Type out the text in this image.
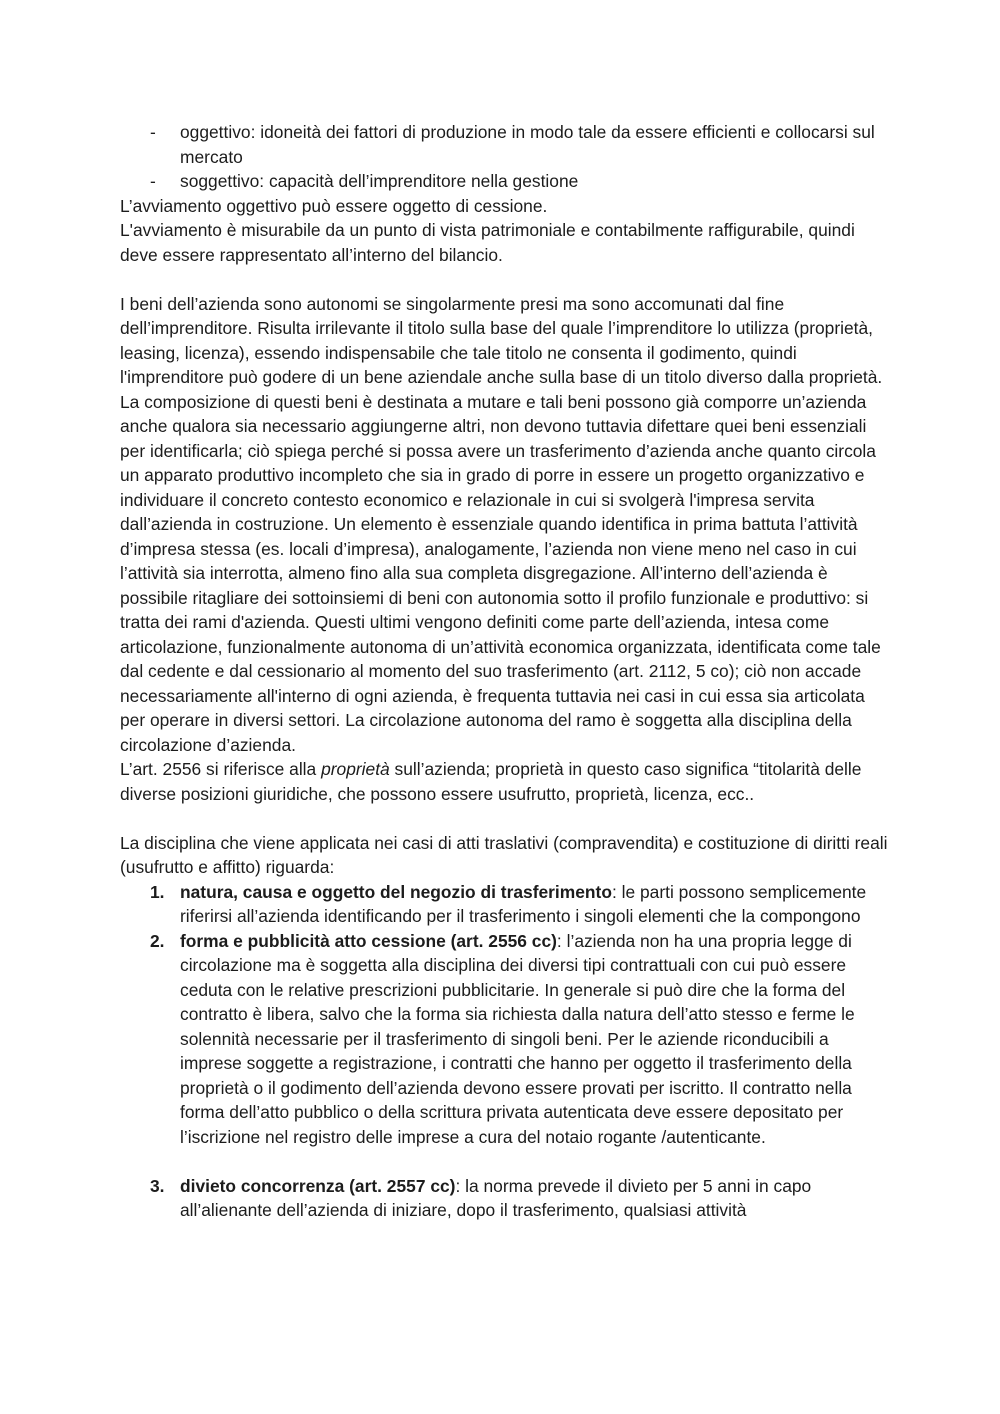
- oggettivo: idoneità dei fattori di produzione in modo tale da essere efficienti e collocarsi sul mercato
- soggettivo: capacità dell’imprenditore nella gestione

L’avviamento oggettivo può essere oggetto di cessione.

L'avviamento è misurabile da un punto di vista patrimoniale e contabilmente raffigurabile, quindi deve essere rappresentato all’interno del bilancio.

I beni dell’azienda sono autonomi se singolarmente presi ma sono accomunati dal fine dell’imprenditore. Risulta irrilevante il titolo sulla base del quale l’imprenditore lo utilizza (proprietà, leasing, licenza), essendo indispensabile che tale titolo ne consenta il godimento, quindi l'imprenditore può godere di un bene aziendale anche sulla base di un titolo diverso dalla proprietà. La composizione di questi beni è destinata a mutare e tali beni possono già comporre un’azienda anche qualora sia necessario aggiungerne altri, non devono tuttavia difettare quei beni essenziali per identificarla; ciò spiega perché si possa avere un trasferimento d’azienda anche quanto circola un apparato produttivo incompleto che sia in grado di porre in essere un progetto organizzativo e individuare il concreto contesto economico e relazionale in cui si svolgerà l'impresa servita dall’azienda in costruzione. Un elemento è essenziale quando identifica in prima battuta l’attività d’impresa stessa (es. locali d’impresa), analogamente, l’azienda non viene meno nel caso in cui l’attività sia interrotta, almeno fino alla sua completa disgregazione. All’interno dell’azienda è possibile ritagliare dei sottoinsiemi di beni con autonomia sotto il profilo funzionale e produttivo: si tratta dei rami d'azienda. Questi ultimi vengono definiti come parte dell’azienda, intesa come articolazione, funzionalmente autonoma di un’attività economica organizzata, identificata come tale dal cedente e dal cessionario al momento del suo trasferimento (art. 2112, 5 co); ciò non accade necessariamente all'interno di ogni azienda, è frequenta tuttavia nei casi in cui essa sia articolata per operare in diversi settori. La circolazione autonoma del ramo è soggetta alla disciplina della circolazione d’azienda.

L’art. 2556 si riferisce alla proprietà sull’azienda; proprietà in questo caso significa “titolarità delle diverse posizioni giuridiche, che possono essere usufrutto, proprietà, licenza, ecc..

La disciplina che viene applicata nei casi di atti traslativi (compravendita) e costituzione di diritti reali (usufrutto e affitto) riguarda:

1. natura, causa e oggetto del negozio di trasferimento: le parti possono semplicemente riferirsi all’azienda identificando per il trasferimento i singoli elementi che la compongono
2. forma e pubblicità atto cessione (art. 2556 cc): l’azienda non ha una propria legge di circolazione ma è soggetta alla disciplina dei diversi tipi contrattuali con cui può essere ceduta con le relative prescrizioni pubblicitarie. In generale si può dire che la forma del contratto è libera, salvo che la forma sia richiesta dalla natura dell’atto stesso e ferme le solennità necessarie per il trasferimento di singoli beni. Per le aziende riconducibili a imprese soggette a registrazione, i contratti che hanno per oggetto il trasferimento della proprietà o il godimento dell’azienda devono essere provati per iscritto. Il contratto nella forma dell’atto pubblico o della scrittura privata autenticata deve essere depositato per l’iscrizione nel registro delle imprese a cura del notaio rogante /autenticante.
3. divieto concorrenza (art. 2557 cc): la norma prevede il divieto per 5 anni in capo all’alienante dell’azienda di iniziare, dopo il trasferimento, qualsiasi attività
